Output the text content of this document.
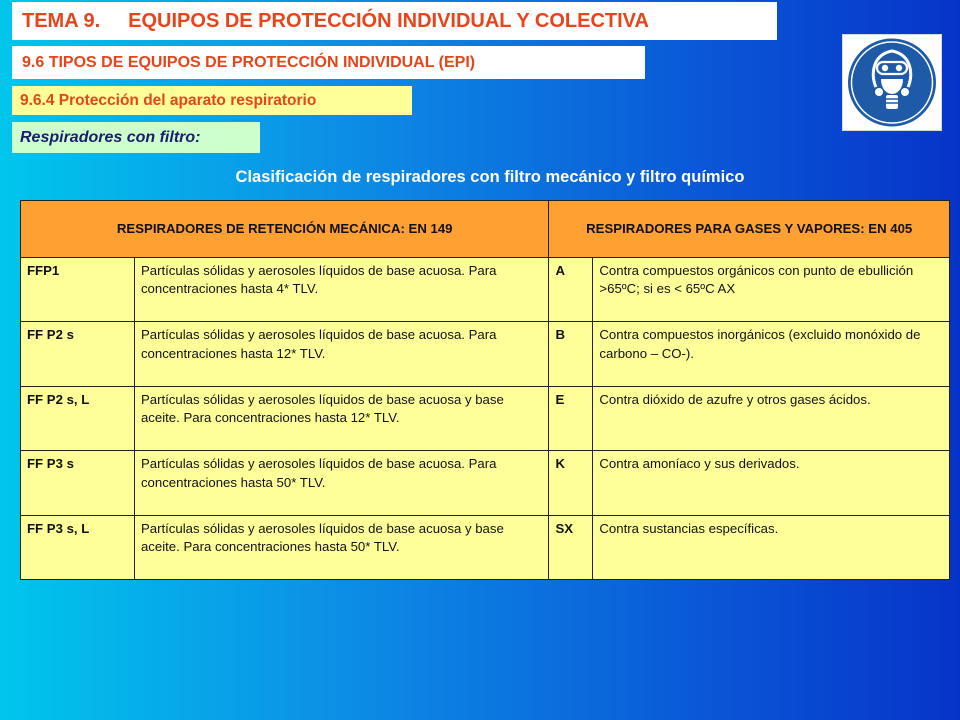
TEMA 9. EQUIPOS DE PROTECCIÓN INDIVIDUAL Y COLECTIVA
9.6 TIPOS DE EQUIPOS DE PROTECCIÓN INDIVIDUAL (EPI)
9.6.4 Protección del aparato respiratorio
Respiradores con filtro:
Clasificación de respiradores con filtro mecánico y filtro químico
RESPIRADORES DE RETENCIÓN MECÁNICA: EN 149		RESPIRADORES PARA GASES Y VAPORES: EN 405	
FFP1	Partículas sólidas y aerosoles líquidos de base acuosa. Para concentraciones hasta 4* TLV.	A	Contra compuestos orgánicos con punto de ebullición >65ºC; si es < 65ºC AX
FF P2 s	Partículas sólidas y aerosoles líquidos de base acuosa. Para concentraciones hasta 12* TLV.	B	Contra compuestos inorgánicos (excluido monóxido de carbono – CO-).
FF P2 s, L	Partículas sólidas y aerosoles líquidos de base acuosa y base aceite. Para concentraciones hasta 12* TLV.	E	Contra dióxido de azufre y otros gases ácidos.
FF P3 s	Partículas sólidas y aerosoles líquidos de base acuosa. Para concentraciones hasta 50* TLV.	K	Contra amoníaco y sus derivados.
FF P3 s, L	Partículas sólidas y aerosoles líquidos de base acuosa y base aceite. Para concentraciones hasta 50* TLV.	SX	Contra sustancias específicas.
